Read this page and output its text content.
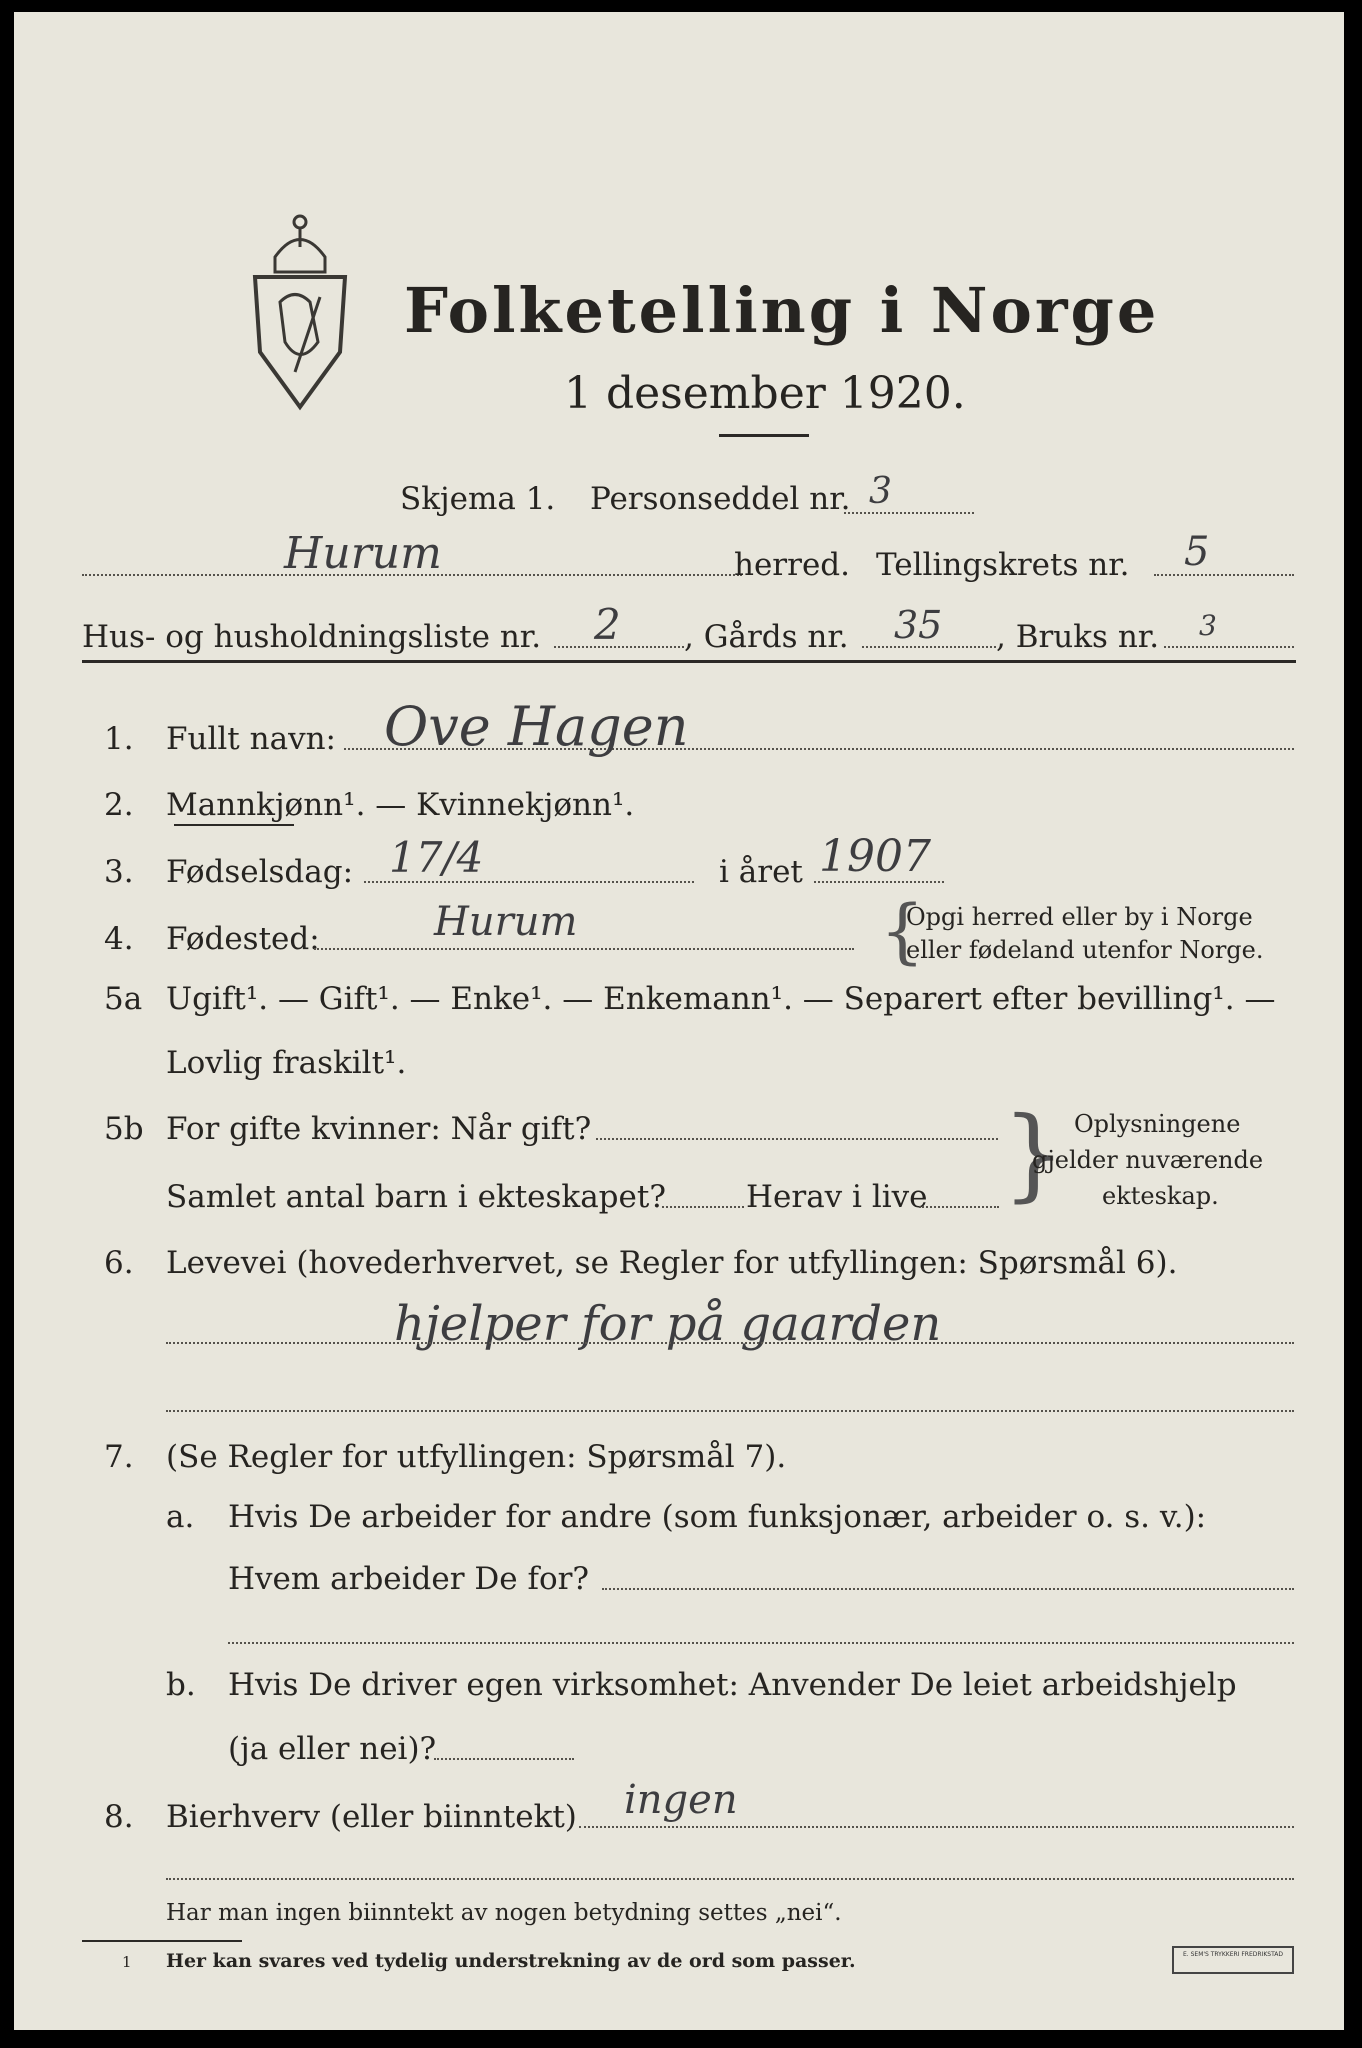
Folketelling i Norge
1 desember 1920.
Skjema 1. Personseddel nr. 3
Hurum	herred. Tellingskrets nr. 5
Hus- og husholdningsliste nr. 2 , Gårds nr. 35 , Bruks nr. 3
1. Fullt navn: Ove Hagen
2. Mannkjønn¹. — Kvinnekjønn¹.
3. Fødselsdag: 17/4	i året 1907
4. Fødested:	Hurum	{
Opgi herred eller by i Norge
eller fødeland utenfor Norge.
5a Ugift¹. — Gift¹. — Enke¹. — Enkemann¹. — Separert efter bevilling¹. —
Lovlig fraskilt¹.
5b For gifte kvinner: Når gift?
Samlet antal barn i ekteskapet?	Herav i live } Oplysningene
gjelder nuværende
ekteskap.
6. Levevei (hovederhvervet, se Regler for utfyllingen: Spørsmål 6).
hjelper for på gaarden
7. (Se Regler for utfyllingen: Spørsmål 7).
a. Hvis De arbeider for andre (som funksjonær, arbeider o. s. v.):
Hvem arbeider De for?
b. Hvis De driver egen virksomhet: Anvender De leiet arbeidshjelp
(ja eller nei)?
8. Bierhverv (eller biinntekt) ingen
Har man ingen biinntekt av nogen betydning settes „nei“.
1 Her kan svares ved tydelig understrekning av de ord som passer.	E. SEM'S TRYKKERI FREDRIKSTAD
